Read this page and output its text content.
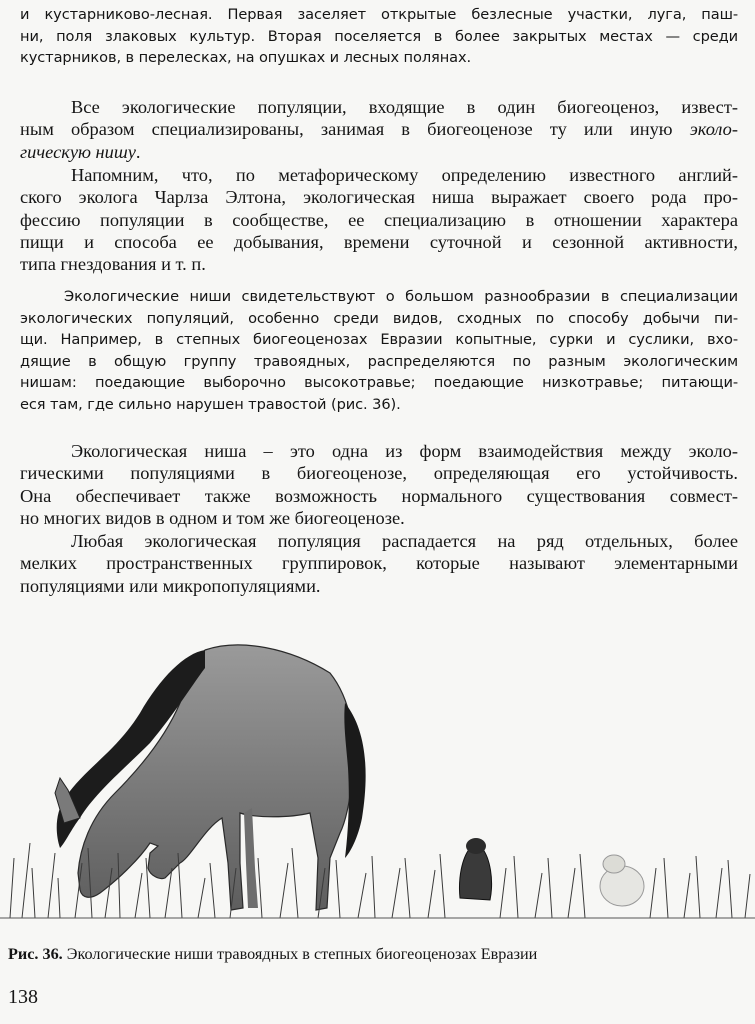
и кустарниково-лесная. Первая заселяет открытые безлесные участки, луга, паш-
ни, поля злаковых культур. Вторая поселяется в более закрытых местах — среди
кустарников, в перелесках, на опушках и лесных полянах.
Все экологические популяции, входящие в один биогеоценоз, извест-
ным образом специализированы, занимая в биогеоценозе ту или иную эколо-
гическую нишу.
Напомним, что, по метафорическому определению известного англий-
ского эколога Чарлза Элтона, экологическая ниша выражает своего рода про-
фессию популяции в сообществе, ее специализацию в отношении характера
пищи и способа ее добывания, времени суточной и сезонной активности,
типа гнездования и т. п.
Экологические ниши свидетельствуют о большом разнообразии в специализации
экологических популяций, особенно среди видов, сходных по способу добычи пи-
щи. Например, в степных биогеоценозах Евразии копытные, сурки и суслики, вхо-
дящие в общую группу травоядных, распределяются по разным экологическим
нишам: поедающие выборочно высокотравье; поедающие низкотравье; питающи-
еся там, где сильно нарушен травостой (рис. 36).
Экологическая ниша – это одна из форм взаимодействия между эколо-
гическими популяциями в биогеоценозе, определяющая его устойчивость.
Она обеспечивает также возможность нормального существования совмест-
но многих видов в одном и том же биогеоценозе.
Любая экологическая популяция распадается на ряд отдельных, более
мелких пространственных группировок, которые называют элементарными
популяциями или микропопуляциями.
Рис. 36. Экологические ниши травоядных в степных биогеоценозах Евразии
138
